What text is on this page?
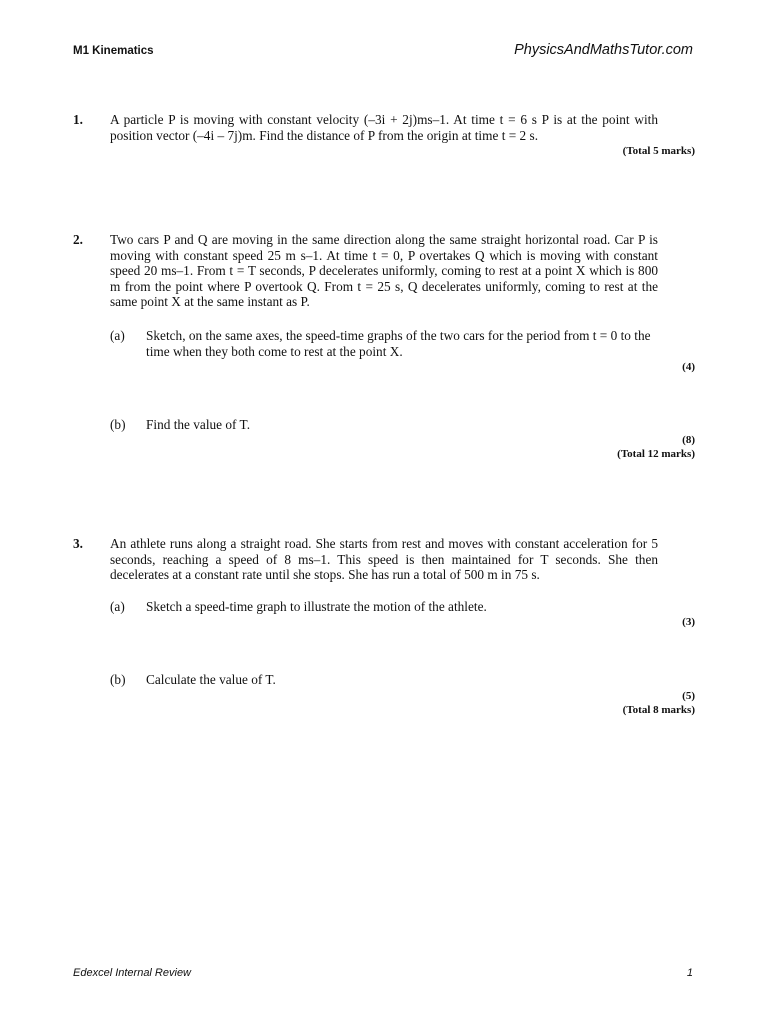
M1 Kinematics	PhysicsAndMathsTutor.com
1. A particle P is moving with constant velocity (–3i + 2j)ms–1. At time t = 6 s P is at the point with position vector (–4i – 7j)m. Find the distance of P from the origin at time t = 2 s.
(Total 5 marks)
2. Two cars P and Q are moving in the same direction along the same straight horizontal road. Car P is moving with constant speed 25 m s–1. At time t = 0, P overtakes Q which is moving with constant speed 20 ms–1. From t = T seconds, P decelerates uniformly, coming to rest at a point X which is 800 m from the point where P overtook Q. From t = 25 s, Q decelerates uniformly, coming to rest at the same point X at the same instant as P.
(a) Sketch, on the same axes, the speed-time graphs of the two cars for the period from t = 0 to the time when they both come to rest at the point X.
(4)
(b) Find the value of T.
(8)
(Total 12 marks)
3. An athlete runs along a straight road. She starts from rest and moves with constant acceleration for 5 seconds, reaching a speed of 8 ms–1. This speed is then maintained for T seconds. She then decelerates at a constant rate until she stops. She has run a total of 500 m in 75 s.
(a) Sketch a speed-time graph to illustrate the motion of the athlete.
(3)
(b) Calculate the value of T.
(5)
(Total 8 marks)
Edexcel Internal Review	1
